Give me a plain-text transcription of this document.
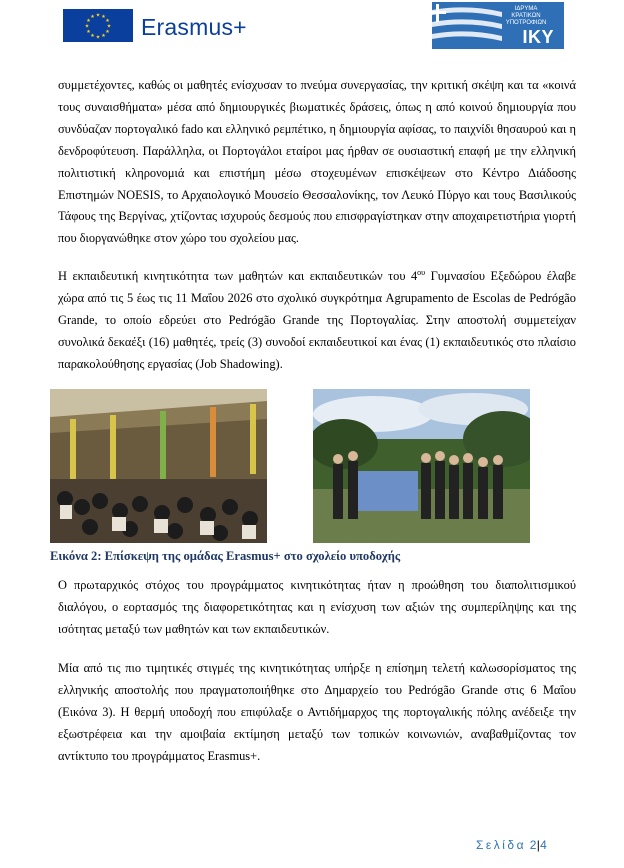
★ ★
★
★
★
★
★
★
★
★
★
★ Erasmus+
ΙΔΡΥΜΑ
ΚΡΑΤΙΚΩΝ
ΥΠΟΤΡΟΦΙΩΝ
IKY

συμμετέχοντες, καθώς οι μαθητές ενίσχυσαν το πνεύμα συνεργασίας, την κριτική σκέψη και τα «κοινά τους συναισθήματα» μέσα από δημιουργικές βιωματικές δράσεις, όπως η από κοινού δημιουργία που συνδύαζαν πορτογαλικό fado και ελληνικό ρεμπέτικο, η δημιουργία αφίσας, το παιχνίδι θησαυρού και η δενδροφύτευση. Παράλληλα, οι Πορτογάλοι εταίροι μας ήρθαν σε ουσιαστική επαφή με την ελληνική πολιτιστική κληρονομιά και επιστήμη μέσω στοχευμένων επισκέψεων στο Κέντρο Διάδοσης Επιστημών NOESIS, το Αρχαιολογικό Μουσείο Θεσσαλονίκης, τον Λευκό Πύργο και τους Βασιλικούς Τάφους της Βεργίνας, χτίζοντας ισχυρούς δεσμούς που επισφραγίστηκαν στην αποχαιρετιστήρια γιορτή που διοργανώθηκε στον χώρο του σχολείου μας.

Η εκπαιδευτική κινητικότητα των μαθητών και εκπαιδευτικών του $4^{o\upsilon}$ Γυμνασίου Εξεδώρου έλαβε χώρα από τις 5 έως τις 11 Μαΐου 2026 στο σχολικό συγκρότημα Agrupamento de Escolas de Pedrógão Grande, το οποίο εδρεύει στο Pedrógão Grande της Πορτογαλίας. Στην αποστολή συμμετείχαν συνολικά δεκαέξι (16) μαθητές, τρείς (3) συνοδοί εκπαιδευτικοί και ένας (1) εκπαιδευτικός στο πλαίσιο παρακολούθησης εργασίας (Job Shadowing).

Εικόνα 2: Επίσκεψη της ομάδας Erasmus+ στο σχολείο υποδοχής

Ο πρωταρχικός στόχος του προγράμματος κινητικότητας ήταν η προώθηση του διαπολιτισμικού διαλόγου, ο εορτασμός της διαφορετικότητας και η ενίσχυση των αξιών της συμπερίληψης και της ισότητας μεταξύ των μαθητών και των εκπαιδευτικών.

Μία από τις πιο τιμητικές στιγμές της κινητικότητας υπήρξε η επίσημη τελετή καλωσορίσματος της ελληνικής αποστολής που πραγματοποιήθηκε στο Δημαρχείο του Pedrógão Grande στις 6 Μαΐου (Εικόνα 3). Η θερμή υποδοχή που επιφύλαξε ο Αντιδήμαρχος της πορτογαλικής πόλης ανέδειξε την εξωστρέφεια και την αμοιβαία εκτίμηση μεταξύ των τοπικών κοινωνιών, αναβαθμίζοντας τον αντίκτυπο του προγράμματος Erasmus+.

Σελίδα 2|4
